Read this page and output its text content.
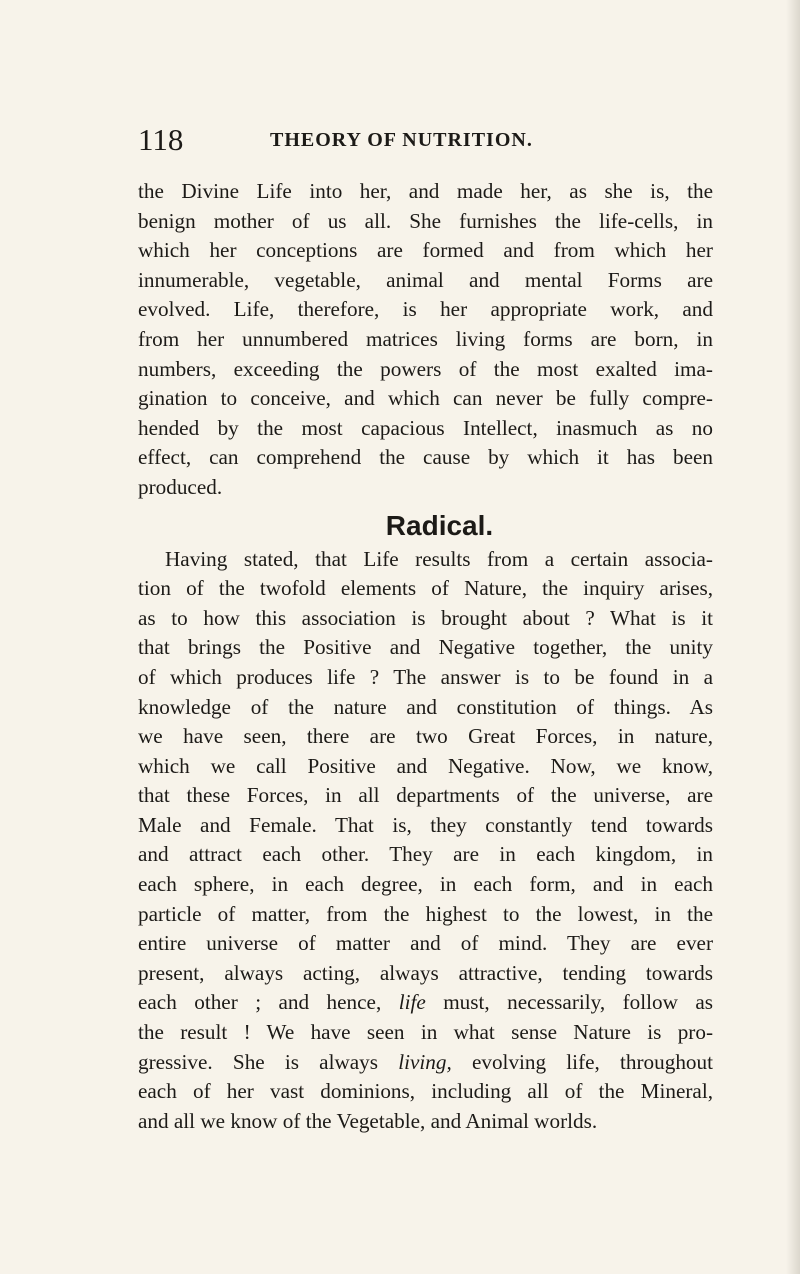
118	THEORY OF NUTRITION.
the Divine Life into her, and made her, as she is, the
benign mother of us all. She furnishes the life-cells, in
which her conceptions are formed and from which her
innumerable, vegetable, animal and mental Forms are
evolved. Life, therefore, is her appropriate work, and
from her unnumbered matrices living forms are born, in
numbers, exceeding the powers of the most exalted ima-
gination to conceive, and which can never be fully compre-
hended by the most capacious Intellect, inasmuch as no
effect, can comprehend the cause by which it has been
produced.
Radical.
Having stated, that Life results from a certain associa-
tion of the twofold elements of Nature, the inquiry arises,
as to how this association is brought about ? What is it
that brings the Positive and Negative together, the unity
of which produces life ? The answer is to be found in a
knowledge of the nature and constitution of things. As
we have seen, there are two Great Forces, in nature,
which we call Positive and Negative. Now, we know,
that these Forces, in all departments of the universe, are
Male and Female. That is, they constantly tend towards
and attract each other. They are in each kingdom, in
each sphere, in each degree, in each form, and in each
particle of matter, from the highest to the lowest, in the
entire universe of matter and of mind. They are ever
present, always acting, always attractive, tending towards
each other ; and hence, life must, necessarily, follow as
the result ! We have seen in what sense Nature is pro-
gressive. She is always living, evolving life, throughout
each of her vast dominions, including all of the Mineral,
and all we know of the Vegetable, and Animal worlds.
